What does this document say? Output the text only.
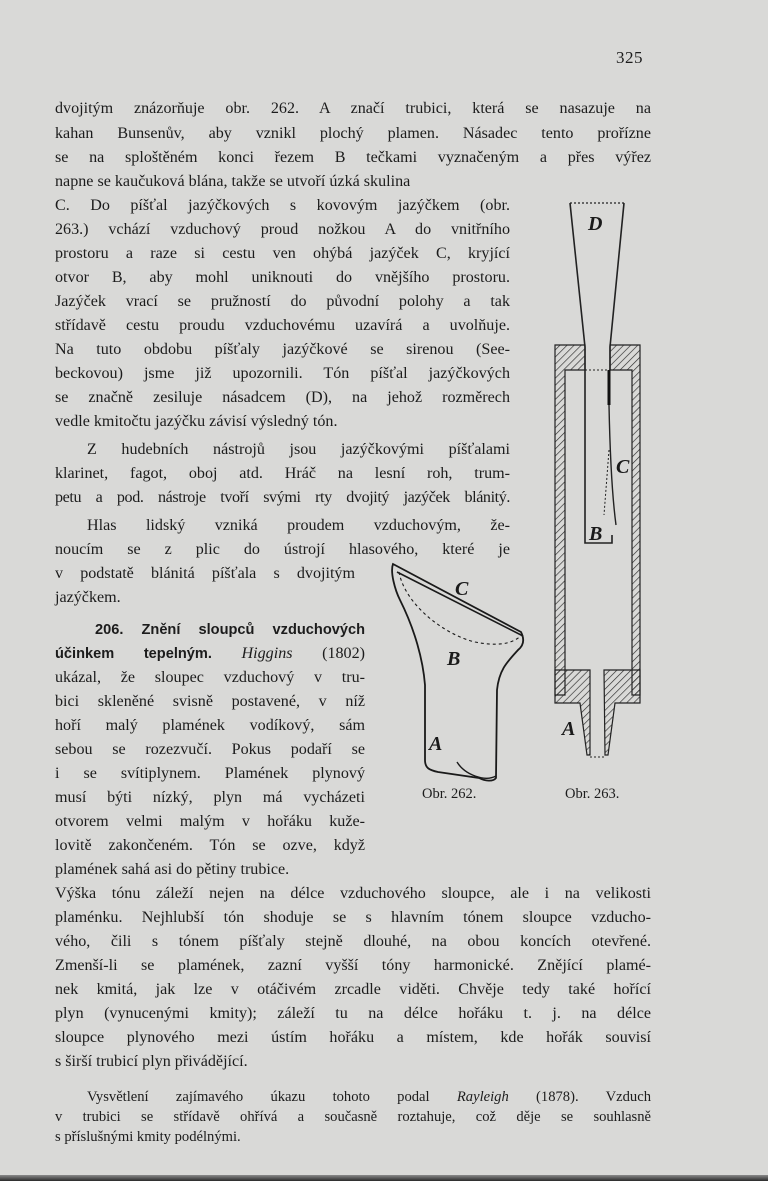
325
dvojitým znázorňuje obr. 262. A značí trubici, která se nasazuje na
kahan Bunsenův, aby vznikl plochý plamen. Násadec tento prořízne
se na sploštěném konci řezem B tečkami vyznačeným a přes výřez
napne se kaučuková blána, takže se utvoří úzká skulina
C. Do píšťal jazýčkových s kovovým jazýčkem (obr.
263.) vchází vzduchový proud nožkou A do vnitřního
prostoru a raze si cestu ven ohýbá jazýček C, kryjící
otvor B, aby mohl uniknouti do vnějšího prostoru.
Jazýček vrací se pružností do původní polohy a tak
střídavě cestu proudu vzduchovému uzavírá a uvolňuje.
Na tuto obdobu píšťaly jazýčkové se sirenou (See-
beckovou) jsme již upozornili. Tón píšťal jazýčkových
se značně zesiluje násadcem (D), na jehož rozměrech
vedle kmitočtu jazýčku závisí výsledný tón.
Z hudebních nástrojů jsou jazýčkovými píšťalami
klarinet, fagot, oboj atd. Hráč na lesní roh, trum-
petu a pod. nástroje tvoří svými rty dvojitý jazýček blánitý.
Hlas lidský vzniká proudem vzduchovým, že-
noucím se z plic do ústrojí hlasového, které je
v podstatě blánitá píšťala s dvojitým
jazýčkem.
206. Znění sloupců vzduchových
účinkem tepelným. Higgins (1802)
ukázal, že sloupec vzduchový v tru-
bici skleněné svisně postavené, v níž
hoří malý plamének vodíkový, sám
sebou se rozezvučí. Pokus podaří se
i se svítiplynem. Plamének plynový
musí býti nízký, plyn má vycházeti
otvorem velmi malým v hořáku kuže-
lovitě zakončeném. Tón se ozve, když
plamének sahá asi do pětiny trubice.
Výška tónu záleží nejen na délce vzduchového sloupce, ale i na velikosti
plaménku. Nejhlubší tón shoduje se s hlavním tónem sloupce vzducho-
vého, čili s tónem píšťaly stejně dlouhé, na obou koncích otevřené.
Zmenší-li se plamének, zazní vyšší tóny harmonické. Znějící plamé-
nek kmitá, jak lze v otáčivém zrcadle viděti. Chvěje tedy také hořící
plyn (vynucenými kmity); záleží tu na délce hořáku t. j. na délce
sloupce plynového mezi ústím hořáku a místem, kde hořák souvisí
s širší trubicí plyn přivádějící.
Vysvětlení zajímavého úkazu tohoto podal Rayleigh (1878). Vzduch
v trubici se střídavě ohřívá a současně roztahuje, což děje se souhlasně
s příslušnými kmity podélnými.
D
C
B
A
Obr. 263.
C
B
A
Obr. 262.
